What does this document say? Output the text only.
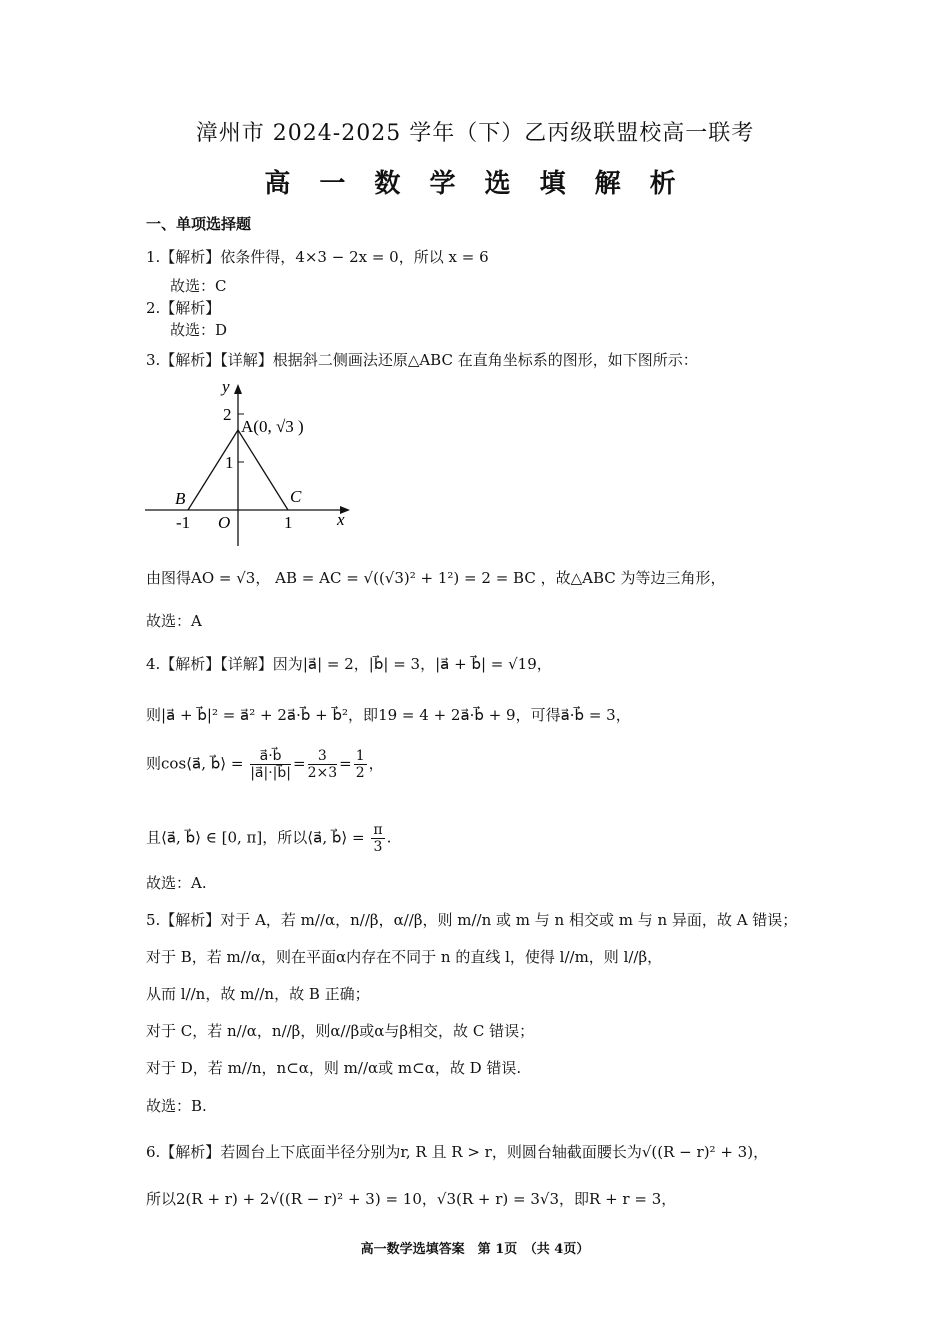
漳州市 2024-2025 学年（下）乙丙级联盟校高一联考
高 一 数 学 选 填 解 析
一、单项选择题
1.【解析】依条件得，4×3 − 2x = 0，所以 x = 6
故选：C
2.【解析】
故选：D
3.【解析】【详解】根据斜二侧画法还原△ABC 在直角坐标系的图形，如下图所示：
y
x
2
1
A(0, √3 )
B	C
-1 O	1
由图得AO = √3， AB = AC = √((√3)² + 1²) = 2 = BC ，故△ABC 为等边三角形，
故选：A
4.【解析】【详解】因为|a⃗| = 2，|b⃗| = 3，|a⃗ + b⃗| = √19，
则|a⃗ + b⃗|² = a⃗² + 2a⃗·b⃗ + b⃗²，即19 = 4 + 2a⃗·b⃗ + 9，可得a⃗·b⃗ = 3，
则cos⟨a⃗, b⃗⟩ = $\frac{a⃗\cdot b⃗}{|a⃗|\cdot|b⃗|} = \frac{3}{2\times 3} = \frac{1}{2}$ ，
且⟨a⃗, b⃗⟩ ∈ [0, π]，所以⟨a⃗, b⃗⟩ = $\frac{\pi}{3}$ .
故选：A.
5.【解析】对于 A，若 m//α，n//β，α//β，则 m//n 或 m 与 n 相交或 m 与 n 异面，故 A 错误；
对于 B，若 m//α，则在平面α内存在不同于 n 的直线 l，使得 l//m，则 l//β，
从而 l//n，故 m//n，故 B 正确；
对于 C，若 n//α，n//β，则α//β或α与β相交，故 C 错误；
对于 D，若 m//n，n⊂α，则 m//α或 m⊂α，故 D 错误.
故选：B.
6.【解析】若圆台上下底面半径分别为r, R 且 R > r，则圆台轴截面腰长为√((R − r)² + 3)，
所以2(R + r) + 2√((R − r)² + 3) = 10，√3(R + r) = 3√3，即R + r = 3，
高一数学选填答案　第 1页　（共 4页）
